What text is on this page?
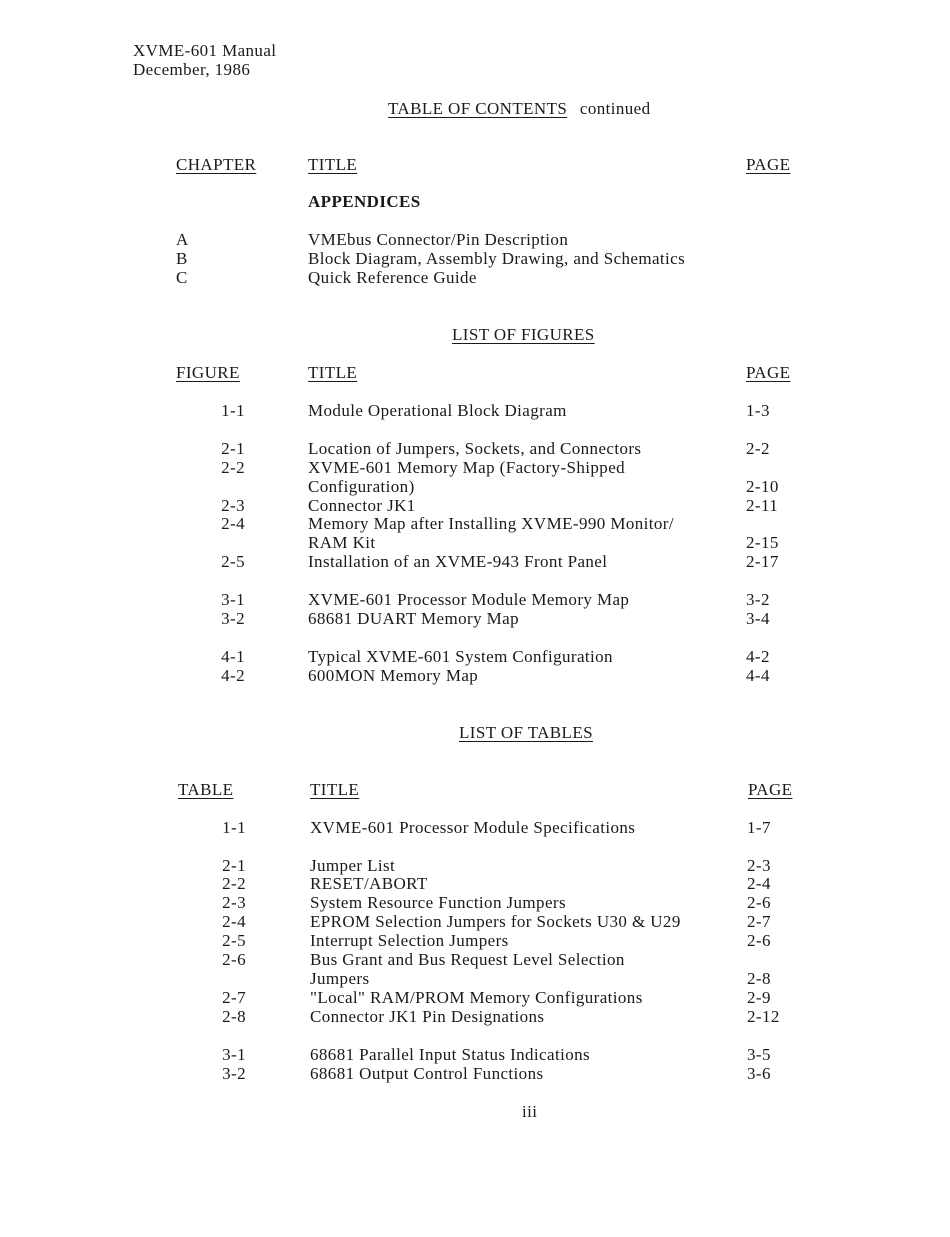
XVME-601 Manual
December, 1986
TABLE OF CONTENTS continued
CHAPTER	TITLE	PAGE
APPENDICES
A	VMEbus Connector/Pin Description
B	Block Diagram, Assembly Drawing, and Schematics
C	Quick Reference Guide
LIST OF FIGURES
FIGURE	TITLE	PAGE
1-1	Module Operational Block Diagram	1-3
2-1	Location of Jumpers, Sockets, and Connectors	2-2
2-2	XVME-601 Memory Map (Factory-Shipped
Configuration)	2-10
2-3	Connector JK1	2-11
2-4	Memory Map after Installing XVME-990 Monitor/
RAM Kit	2-15
2-5	Installation of an XVME-943 Front Panel	2-17
3-1	XVME-601 Processor Module Memory Map	3-2
3-2	68681 DUART Memory Map	3-4
4-1	Typical XVME-601 System Configuration	4-2
4-2	600MON Memory Map	4-4
LIST OF TABLES
TABLE	TITLE	PAGE
1-1	XVME-601 Processor Module Specifications	1-7
2-1	Jumper List	2-3
2-2	RESET/ABORT	2-4
2-3	System Resource Function Jumpers	2-6
2-4	EPROM Selection Jumpers for Sockets U30 & U29	2-7
2-5	Interrupt Selection Jumpers	2-6
2-6	Bus Grant and Bus Request Level Selection
Jumpers	2-8
2-7	"Local" RAM/PROM Memory Configurations	2-9
2-8	Connector JK1 Pin Designations	2-12
3-1	68681 Parallel Input Status Indications	3-5
3-2	68681 Output Control Functions	3-6
iii
